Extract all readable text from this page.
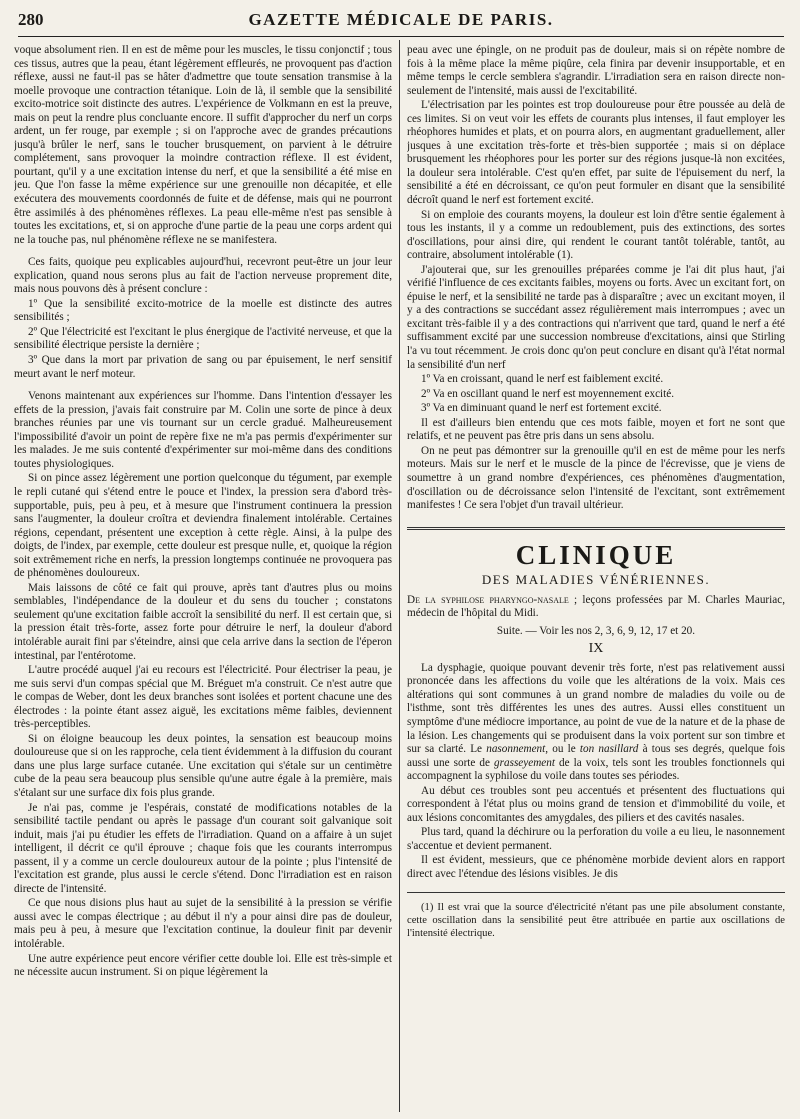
280	GAZETTE MÉDICALE DE PARIS.

voque absolument rien. Il en est de même pour les muscles, le tissu conjonctif ; tous ces tissus, autres que la peau, étant légèrement effleurés, ne provoquent pas d'action réflexe, aussi ne faut-il pas se hâter d'admettre que toute sensation transmise à la moelle provoque une contraction tétanique. Loin de là, il semble que la sensibilité excito-motrice soit distincte des autres. L'expérience de Volkmann en est la preuve, mais on peut la rendre plus concluante encore. Il suffit d'approcher du nerf un corps ardent, un fer rouge, par exemple ; si on l'approche avec de grandes précautions jusqu'à brûler le nerf, sans le toucher brusquement, on parvient à le détruire complétement, sans provoquer la moindre contraction réflexe. Il est évident, pourtant, qu'il y a une excitation intense du nerf, et que la sensibilité a été mise en jeu. Que l'on fasse la même expérience sur une grenouille non décapitée, et elle exécutera des mouvements coordonnés de fuite et de défense, mais qui ne pourront être assimilés à des phénomènes réflexes. La peau elle-même n'est pas sensible à toutes les excitations, et, si on approche d'une partie de la peau une corps ardent qui ne la touche pas, nul phénomène réflexe ne se manifestera.

Ces faits, quoique peu explicables aujourd'hui, recevront peut-être un jour leur explication, quand nous serons plus au fait de l'action nerveuse proprement dite, mais nous pouvons dès à présent conclure :

1º Que la sensibilité excito-motrice de la moelle est distincte des autres sensibilités ;

2º Que l'électricité est l'excitant le plus énergique de l'activité nerveuse, et que la sensibilité électrique persiste la dernière ;

3º Que dans la mort par privation de sang ou par épuisement, le nerf sensitif meurt avant le nerf moteur.

Venons maintenant aux expériences sur l'homme. Dans l'intention d'essayer les effets de la pression, j'avais fait construire par M. Colin une sorte de pince à deux branches réunies par une vis tournant sur un cercle gradué. Malheureusement l'impossibilité d'avoir un point de repère fixe ne m'a pas permis d'expérimenter sur les malades. Je me suis contenté d'expérimenter sur moi-même dans des conditions toutes physiologiques.

Si on pince assez légèrement une portion quelconque du tégument, par exemple le repli cutané qui s'étend entre le pouce et l'index, la pression sera d'abord très-supportable, puis, peu à peu, et à mesure que l'instrument continuera la pression sans l'augmenter, la douleur croîtra et deviendra finalement intolérable. Certaines régions, cependant, présentent une exception à cette règle. Ainsi, à la pulpe des doigts, de l'index, par exemple, cette douleur est presque nulle, et, quoique la région soit extrêmement riche en nerfs, la pression longtemps continuée ne provoquera pas de phénomènes douloureux.

Mais laissons de côté ce fait qui prouve, après tant d'autres plus ou moins semblables, l'indépendance de la douleur et du sens du toucher ; constatons seulement qu'une excitation faible accroît la sensibilité du nerf. Il est certain que, si la pression était très-forte, assez forte pour détruire le nerf, la douleur d'abord intolérable aurait fini par s'éteindre, ainsi que cela arrive dans la section de l'éperon intestinal, par l'entérotome.

L'autre procédé auquel j'ai eu recours est l'électricité. Pour électriser la peau, je me suis servi d'un compas spécial que M. Bréguet m'a construit. Ce n'est autre que le compas de Weber, dont les deux branches sont isolées et portent chacune une des électrodes : la pointe étant assez aiguë, les excitations même faibles, deviennent très-perceptibles.

Si on éloigne beaucoup les deux pointes, la sensation est beaucoup moins douloureuse que si on les rapproche, cela tient évidemment à la diffusion du courant dans une plus large surface cutanée. Une excitation qui s'étale sur un centimètre cube de la peau sera beaucoup plus sensible qu'une autre égale à la première, mais s'étalant sur une surface dix fois plus grande.

Je n'ai pas, comme je l'espérais, constaté de modifications notables de la sensibilité tactile pendant ou après le passage d'un courant soit galvanique soit induit, mais j'ai pu étudier les effets de l'irradiation. Quand on a affaire à un sujet intelligent, il décrit ce qu'il éprouve ; chaque fois que les courants interrompus passent, il y a comme un cercle douloureux autour de la pointe ; plus l'intensité de l'excitation est grande, plus aussi le cercle s'étend. Donc l'irradiation est en raison directe de l'intensité.

Ce que nous disions plus haut au sujet de la sensibilité à la pression se vérifie aussi avec le compas électrique ; au début il n'y a pour ainsi dire pas de douleur, mais peu à peu, à mesure que l'excitation continue, la douleur finit par devenir intolérable.

Une autre expérience peut encore vérifier cette double loi. Elle est très-simple et ne nécessite aucun instrument. Si on pique légèrement la

peau avec une épingle, on ne produit pas de douleur, mais si on répète nombre de fois à la même place la même piqûre, cela finira par devenir insupportable, et en même temps le cercle semblera s'agrandir. L'irradiation sera en raison directe non-seulement de l'intensité, mais aussi de l'excitabilité.

L'électrisation par les pointes est trop douloureuse pour être poussée au delà de ces limites. Si on veut voir les effets de courants plus intenses, il faut employer les rhéophores humides et plats, et on pourra alors, en augmentant graduellement, aller jusques à une excitation très-forte et très-bien supportée ; mais si on déplace brusquement les rhéophores pour les porter sur des régions jusque-là non excitées, la douleur sera intolérable. C'est qu'en effet, par suite de l'épuisement du nerf, la sensibilité a été en décroissant, ce qu'on peut formuler en disant que la sensibilité décroît quand le nerf est fortement excité.

Si on emploie des courants moyens, la douleur est loin d'être sentie également à tous les instants, il y a comme un redoublement, puis des extinctions, des sortes d'oscillations, pour ainsi dire, qui rendent le courant tantôt tolérable, tantôt, au contraire, absolument intolérable (1).

J'ajouterai que, sur les grenouilles préparées comme je l'ai dit plus haut, j'ai vérifié l'influence de ces excitants faibles, moyens ou forts. Avec un excitant fort, on épuise le nerf, et la sensibilité ne tarde pas à disparaître ; avec un excitant moyen, il y a des contractions se succédant assez régulièrement mais interrompues ; avec un excitant très-faible il y a des contractions qui n'arrivent que tard, quand le nerf a été suffisamment excité par une succession nombreuse d'excitations, ainsi que Stirling l'a vu tout récemment. Je crois donc qu'on peut conclure en disant qu'à l'état normal la sensibilité d'un nerf

1º Va en croissant, quand le nerf est faiblement excité.

2º Va en oscillant quand le nerf est moyennement excité.

3º Va en diminuant quand le nerf est fortement excité.

Il est d'ailleurs bien entendu que ces mots faible, moyen et fort ne sont que relatifs, et ne peuvent pas être pris dans un sens absolu.

On ne peut pas démontrer sur la grenouille qu'il en est de même pour les nerfs moteurs. Mais sur le nerf et le muscle de la pince de l'écrevisse, que je viens de soumettre à un grand nombre d'expériences, ces phénomènes d'augmentation, d'oscillation ou de décroissance selon l'intensité de l'excitant, sont extrêmement manifestes ! Ce sera l'objet d'un travail ultérieur.

CLINIQUE
DES MALADIES VÉNÉRIENNES.

De la syphilose pharyngo-nasale ; leçons professées par M. Charles Mauriac, médecin de l'hôpital du Midi.

Suite. — Voir les nos 2, 3, 6, 9, 12, 17 et 20.

IX

La dysphagie, quoique pouvant devenir très forte, n'est pas relativement aussi prononcée dans les affections du voile que les altérations de la voix. Mais ces altérations qui sont communes à un grand nombre de maladies du voile ou de l'isthme, sont très différentes les unes des autres. Aussi elles constituent un symptôme d'une médiocre importance, au point de vue de la nature et de la phase de la lésion. Les changements qui se produisent dans la voix portent sur son timbre et sur sa clarté. Le nasonnement, ou le ton nasillard à tous ses degrés, quelque fois aussi une sorte de grasseyement de la voix, tels sont les troubles fonctionnels qui accompagnent la syphilose du voile dans toutes ses périodes.

Au début ces troubles sont peu accentués et présentent des fluctuations qui correspondent à l'état plus ou moins grand de tension et d'immobilité du voile, et aux lésions concomitantes des amygdales, des piliers et des cavités nasales.

Plus tard, quand la déchirure ou la perforation du voile a eu lieu, le nasonnement s'accentue et devient permanent.

Il est évident, messieurs, que ce phénomène morbide devient alors en rapport direct avec l'étendue des lésions visibles. Je dis

(1) Il est vrai que la source d'électricité n'étant pas une pile absolument constante, cette oscillation dans la sensibilité peut être attribuée en partie aux oscillations de l'intensité électrique.
